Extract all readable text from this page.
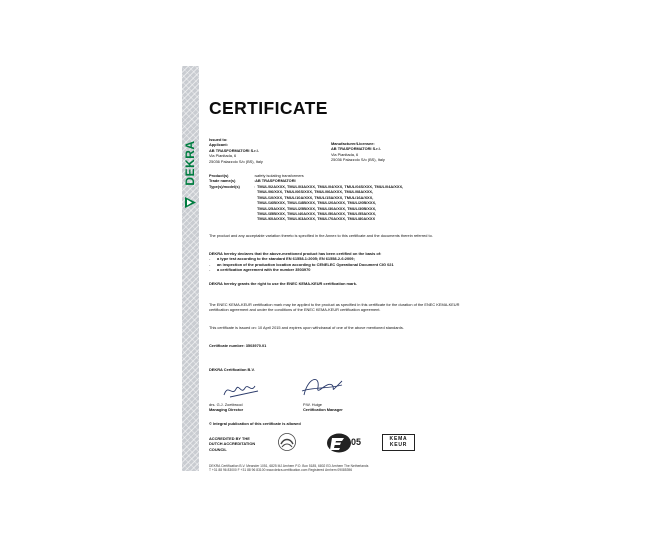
DEKRA
CERTIFICATE
Issued to:
Applicant:
AB TRASFORMATORI S.r.l.
Via Pianitada, 6
25036 Palazzolo S/o (BS), Italy
Manufacturer/Licensee:
AB TRASFORMATORI S.r.l.
Via Pianitada, 6
25036 Palazzolo S/o (BS), Italy
Product(s)	:safety isolating transformers
Trade name(s)	:AB TRASFORMATORI
Type(s)/model(s)	: TMUL/02A/XXX, TMUL/03A/XXX, TMUL/04/XXX, TMUL/04S/XXX, TMUL/04A/XXX,
TMUL/06/XXX, TMUL/06S/XXX, TMUL/06A/XXX, TMUL/08A/XXX,
TMUL/10/XXX, TMUL/10A/XXX, TMUL/15A/XXX, TMUL/16A/XXX,
TMUL/16B/XXX, TMUL/18B/XXX, TMUL/20A/XXX, TMUL/20B/XXX,
TMUL/25A/XXX, TMUL/25B/XXX, TMUL/30A/XXX, TMUL/30B/XXX,
TMUL/35B/XXX, TMUL/40A/XXX, TMUL/50A/XXX, TMUL/55A/XXX,
TMUL/60A/XXX, TMUL/63A/XXX, TMUL/70A/XXX, TMUL/80A/XXX
The product and any acceptable variation thereto is specified in the Annex to this certificate and the documents therein referred to.
DEKRA hereby declares that the above-mentioned product has been certified on the basis of:
- a type test according to the standard EN 61558-1:2005; EN 61558-2-6:2009;
- an inspection of the production location according to CENELEC Operational Document CIG 021
- a certification agreement with the number 3503970
DEKRA hereby grants the right to use the ENEC KEMA-KEUR certification mark.
The ENEC KEMA-KEUR certification mark may be applied to the product as specified in this certificate for the duration of the ENEC KEMA-KEUR certification agreement and under the conditions of the ENEC KEMA-KEUR certification agreement.
This certificate is issued on: 10 April 2015 and expires upon withdrawal of one of the above mentioned standards.
Certificate number: 3503970.01
DEKRA Certification B.V.
drs. G.J. Zoetbrood
Managing Director
P.W. Huige
Certification Manager
© Integral publication of this certificate is allowed
ACCREDITED BY THE
DUTCH ACCREDITATION
COUNCIL
05	KEMA
KEUR
DEKRA Certification B.V. Meander 1051, 6825 MJ Arnhem P.O. Box 5185, 6802 ED Arnhem The Netherlands
T +31 88 96 83000 F +31 88 96 83100 www.dekra-certification.com Registered Arnhem 09085396
